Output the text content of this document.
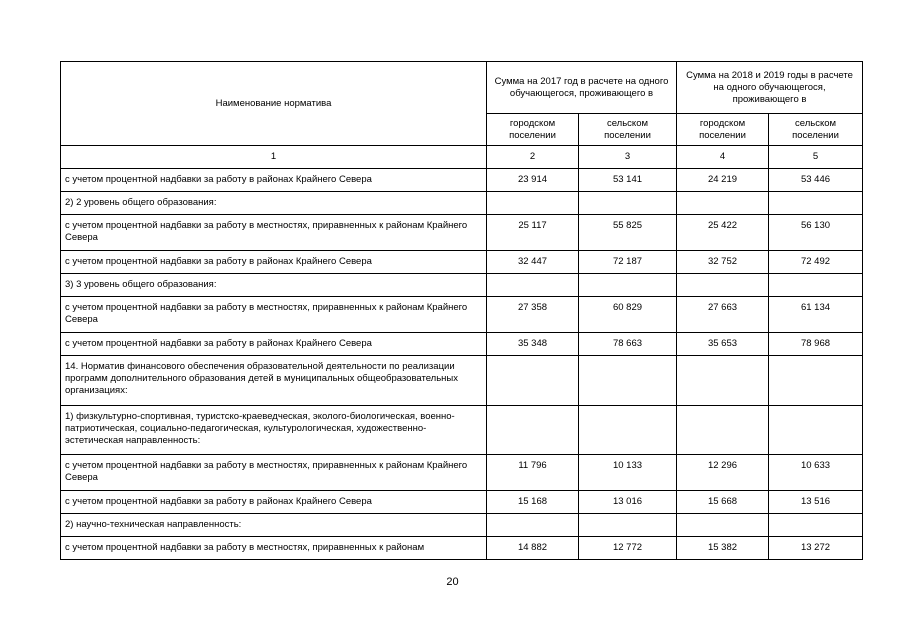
Наименование норматива	Сумма на 2017 год в расчете на одного обучающегося, проживающего в		Сумма на 2018 и 2019 годы в расчете на одного обучающегося, проживающего в	
	городском поселении	сельском поселении	городском поселении	сельском поселении
1	2	3	4	5
с учетом процентной надбавки за работу в районах Крайнего Севера	23 914	53 141	24 219	53 446
2) 2 уровень общего образования:				
с учетом процентной надбавки за работу в местностях, приравненных к районам Крайнего Севера	25 117	55 825	25 422	56 130
с учетом процентной надбавки за работу в районах Крайнего Севера	32 447	72 187	32 752	72 492
3) 3 уровень общего образования:				
с учетом процентной надбавки за работу в местностях, приравненных к районам Крайнего Севера	27 358	60 829	27 663	61 134
с учетом процентной надбавки за работу в районах Крайнего Севера	35 348	78 663	35 653	78 968
14. Норматив финансового обеспечения образовательной деятельности по реализации программ дополнительного образования детей в муниципальных общеобразовательных организациях:				
1) физкультурно-спортивная, туристско-краеведческая, эколого-биологическая, военно-патриотическая, социально-педагогическая, культурологическая, художественно-эстетическая направленность:				
с учетом процентной надбавки за работу в местностях, приравненных к районам Крайнего Севера	11 796	10 133	12 296	10 633
с учетом процентной надбавки за работу в районах Крайнего Севера	15 168	13 016	15 668	13 516
2) научно-техническая направленность:				
с учетом процентной надбавки за работу в местностях, приравненных к районам	14 882	12 772	15 382	13 272
20
